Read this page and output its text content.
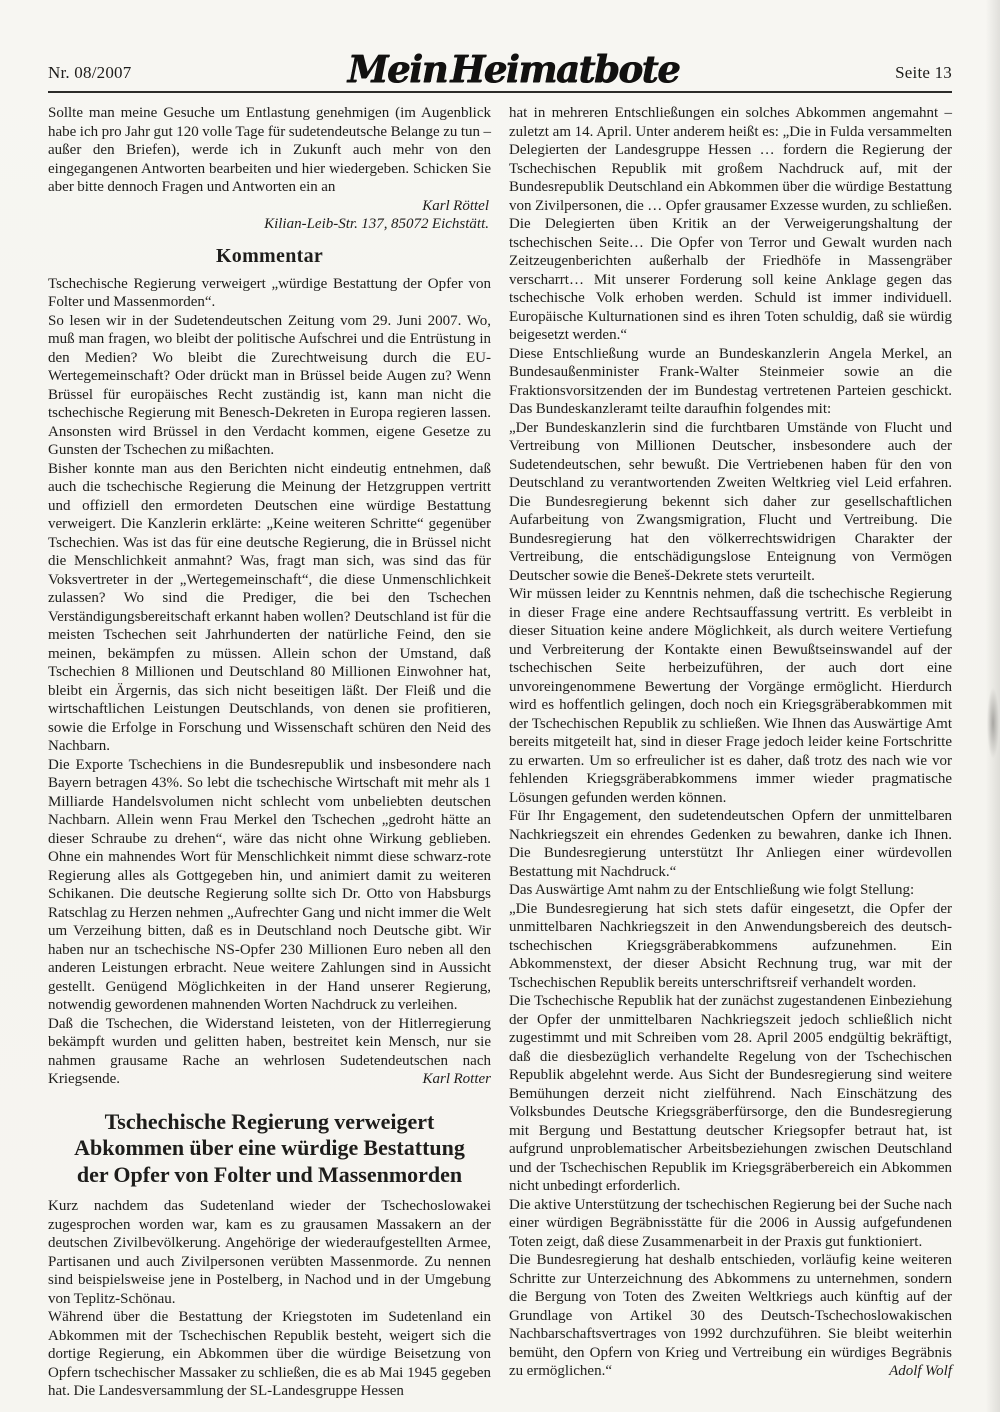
Nr. 08/2007	Mein Heimatbote	Seite 13

Sollte man meine Gesuche um Entlastung genehmigen (im Augenblick habe ich pro Jahr gut 120 volle Tage für sudetendeutsche Belange zu tun – außer den Briefen), werde ich in Zukunft auch mehr von den eingegangenen Antworten bearbeiten und hier wiedergeben. Schicken Sie aber bitte dennoch Fragen und Antworten ein an

Karl Röttel
Kilian-Leib-Str. 137, 85072 Eichstätt.
Kommentar

Tschechische Regierung verweigert „würdige Bestattung der Opfer von Folter und Massenmorden“.

So lesen wir in der Sudetendeutschen Zeitung vom 29. Juni 2007. Wo, muß man fragen, wo bleibt der politische Aufschrei und die Entrüstung in den Medien? Wo bleibt die Zurechtweisung durch die EU-Wertegemeinschaft? Oder drückt man in Brüssel beide Augen zu? Wenn Brüssel für europäisches Recht zuständig ist, kann man nicht die tschechische Regierung mit Benesch-Dekreten in Europa regieren lassen. Ansonsten wird Brüssel in den Verdacht kommen, eigene Gesetze zu Gunsten der Tschechen zu mißachten.

Bisher konnte man aus den Berichten nicht eindeutig entnehmen, daß auch die tschechische Regierung die Meinung der Hetzgruppen vertritt und offiziell den ermordeten Deutschen eine würdige Bestattung verweigert. Die Kanzlerin erklärte: „Keine weiteren Schritte“ gegenüber Tschechien. Was ist das für eine deutsche Regierung, die in Brüssel nicht die Menschlichkeit anmahnt? Was, fragt man sich, was sind das für Voksvertreter in der „Wertegemeinschaft“, die diese Unmenschlichkeit zulassen? Wo sind die Prediger, die bei den Tschechen Verständigungsbereitschaft erkannt haben wollen? Deutschland ist für die meisten Tschechen seit Jahrhunderten der natürliche Feind, den sie meinen, bekämpfen zu müssen. Allein schon der Umstand, daß Tschechien 8 Millionen und Deutschland 80 Millionen Einwohner hat, bleibt ein Ärgernis, das sich nicht beseitigen läßt. Der Fleiß und die wirtschaftlichen Leistungen Deutschlands, von denen sie profitieren, sowie die Erfolge in Forschung und Wissenschaft schüren den Neid des Nachbarn.

Die Exporte Tschechiens in die Bundesrepublik und insbesondere nach Bayern betragen 43%. So lebt die tschechische Wirtschaft mit mehr als 1 Milliarde Handelsvolumen nicht schlecht vom unbeliebten deutschen Nachbarn. Allein wenn Frau Merkel den Tschechen „gedroht hätte an dieser Schraube zu drehen“, wäre das nicht ohne Wirkung geblieben. Ohne ein mahnendes Wort für Menschlichkeit nimmt diese schwarz-rote Regierung alles als Gottgegeben hin, und animiert damit zu weiteren Schikanen. Die deutsche Regierung sollte sich Dr. Otto von Habsburgs Ratschlag zu Herzen nehmen „Aufrechter Gang und nicht immer die Welt um Verzeihung bitten, daß es in Deutschland noch Deutsche gibt. Wir haben nur an tschechische NS-Opfer 230 Millionen Euro neben all den anderen Leistungen erbracht. Neue weitere Zahlungen sind in Aussicht gestellt. Genügend Möglichkeiten in der Hand unserer Regierung, notwendig gewordenen mahnenden Worten Nachdruck zu verleihen.

Daß die Tschechen, die Widerstand leisteten, von der Hitlerregierung bekämpft wurden und gelitten haben, bestreitet kein Mensch, nur sie nahmen grausame Rache an wehrlosen Sudetendeutschen nach Kriegsende.	Karl Rotter

Tschechische Regierung verweigert Abkommen über eine würdige Bestattung der Opfer von Folter und Massenmorden

Kurz nachdem das Sudetenland wieder der Tschechoslowakei zugesprochen worden war, kam es zu grausamen Massakern an der deutschen Zivilbevölkerung. Angehörige der wiederaufgestellten Armee, Partisanen und auch Zivilpersonen verübten Massenmorde. Zu nennen sind beispielsweise jene in Postelberg, in Nachod und in der Umgebung von Teplitz-Schönau.

Während über die Bestattung der Kriegstoten im Sudetenland ein Abkommen mit der Tschechischen Republik besteht, weigert sich die dortige Regierung, ein Abkommen über die würdige Beisetzung von Opfern tschechischer Massaker zu schließen, die es ab Mai 1945 gegeben hat. Die Landesversammlung der SL-Landesgruppe Hessen

hat in mehreren Entschließungen ein solches Abkommen angemahnt – zuletzt am 14. April. Unter anderem heißt es: „Die in Fulda versammelten Delegierten der Landesgruppe Hessen … fordern die Regierung der Tschechischen Republik mit großem Nachdruck auf, mit der Bundesrepublik Deutschland ein Abkommen über die würdige Bestattung von Zivilpersonen, die … Opfer grausamer Exzesse wurden, zu schließen. Die Delegierten üben Kritik an der Verweigerungshaltung der tschechischen Seite… Die Opfer von Terror und Gewalt wurden nach Zeitzeugenberichten außerhalb der Friedhöfe in Massengräber verscharrt… Mit unserer Forderung soll keine Anklage gegen das tschechische Volk erhoben werden. Schuld ist immer individuell. Europäische Kulturnationen sind es ihren Toten schuldig, daß sie würdig beigesetzt werden.“

Diese Entschließung wurde an Bundeskanzlerin Angela Merkel, an Bundesaußenminister Frank-Walter Steinmeier sowie an die Fraktionsvorsitzenden der im Bundestag vertretenen Parteien geschickt. Das Bundeskanzleramt teilte daraufhin folgendes mit:

„Der Bundeskanzlerin sind die furchtbaren Umstände von Flucht und Vertreibung von Millionen Deutscher, insbesondere auch der Sudetendeutschen, sehr bewußt. Die Vertriebenen haben für den von Deutschland zu verantwortenden Zweiten Weltkrieg viel Leid erfahren. Die Bundesregierung bekennt sich daher zur gesellschaftlichen Aufarbeitung von Zwangsmigration, Flucht und Vertreibung. Die Bundesregierung hat den völkerrechtswidrigen Charakter der Vertreibung, die entschädigungslose Enteignung von Vermögen Deutscher sowie die Beneš-Dekrete stets verurteilt.

Wir müssen leider zu Kenntnis nehmen, daß die tschechische Regierung in dieser Frage eine andere Rechtsauffassung vertritt. Es verbleibt in dieser Situation keine andere Möglichkeit, als durch weitere Vertiefung und Verbreiterung der Kontakte einen Bewußtseinswandel auf der tschechischen Seite herbeizuführen, der auch dort eine unvoreingenommene Bewertung der Vorgänge ermöglicht. Hierdurch wird es hoffentlich gelingen, doch noch ein Kriegsgräberabkommen mit der Tschechischen Republik zu schließen. Wie Ihnen das Auswärtige Amt bereits mitgeteilt hat, sind in dieser Frage jedoch leider keine Fortschritte zu erwarten. Um so erfreulicher ist es daher, daß trotz des nach wie vor fehlenden Kriegsgräberabkommens immer wieder pragmatische Lösungen gefunden werden können.

Für Ihr Engagement, den sudetendeutschen Opfern der unmittelbaren Nachkriegszeit ein ehrendes Gedenken zu bewahren, danke ich Ihnen. Die Bundesregierung unterstützt Ihr Anliegen einer würdevollen Bestattung mit Nachdruck.“

Das Auswärtige Amt nahm zu der Entschließung wie folgt Stellung:

„Die Bundesregierung hat sich stets dafür eingesetzt, die Opfer der unmittelbaren Nachkriegszeit in den Anwendungsbereich des deutsch-tschechischen Kriegsgräberabkommens aufzunehmen. Ein Abkommenstext, der dieser Absicht Rechnung trug, war mit der Tschechischen Republik bereits unterschriftsreif verhandelt worden.

Die Tschechische Republik hat der zunächst zugestandenen Einbeziehung der Opfer der unmittelbaren Nachkriegszeit jedoch schließlich nicht zugestimmt und mit Schreiben vom 28. April 2005 endgültig bekräftigt, daß die diesbezüglich verhandelte Regelung von der Tschechischen Republik abgelehnt werde. Aus Sicht der Bundesregierung sind weitere Bemühungen derzeit nicht zielführend. Nach Einschätzung des Volksbundes Deutsche Kriegsgräberfürsorge, den die Bundesregierung mit Bergung und Bestattung deutscher Kriegsopfer betraut hat, ist aufgrund unproblematischer Arbeitsbeziehungen zwischen Deutschland und der Tschechischen Republik im Kriegsgräberbereich ein Abkommen nicht unbedingt erforderlich.

Die aktive Unterstützung der tschechischen Regierung bei der Suche nach einer würdigen Begräbnisstätte für die 2006 in Aussig aufgefundenen Toten zeigt, daß diese Zusammenarbeit in der Praxis gut funktioniert.

Die Bundesregierung hat deshalb entschieden, vorläufig keine weiteren Schritte zur Unterzeichnung des Abkommens zu unternehmen, sondern die Bergung von Toten des Zweiten Weltkriegs auch künftig auf der Grundlage von Artikel 30 des Deutsch-Tschechoslowakischen Nachbarschaftsvertrages von 1992 durchzuführen. Sie bleibt weiterhin bemüht, den Opfern von Krieg und Vertreibung ein würdiges Begräbnis zu ermöglichen.“	Adolf Wolf
